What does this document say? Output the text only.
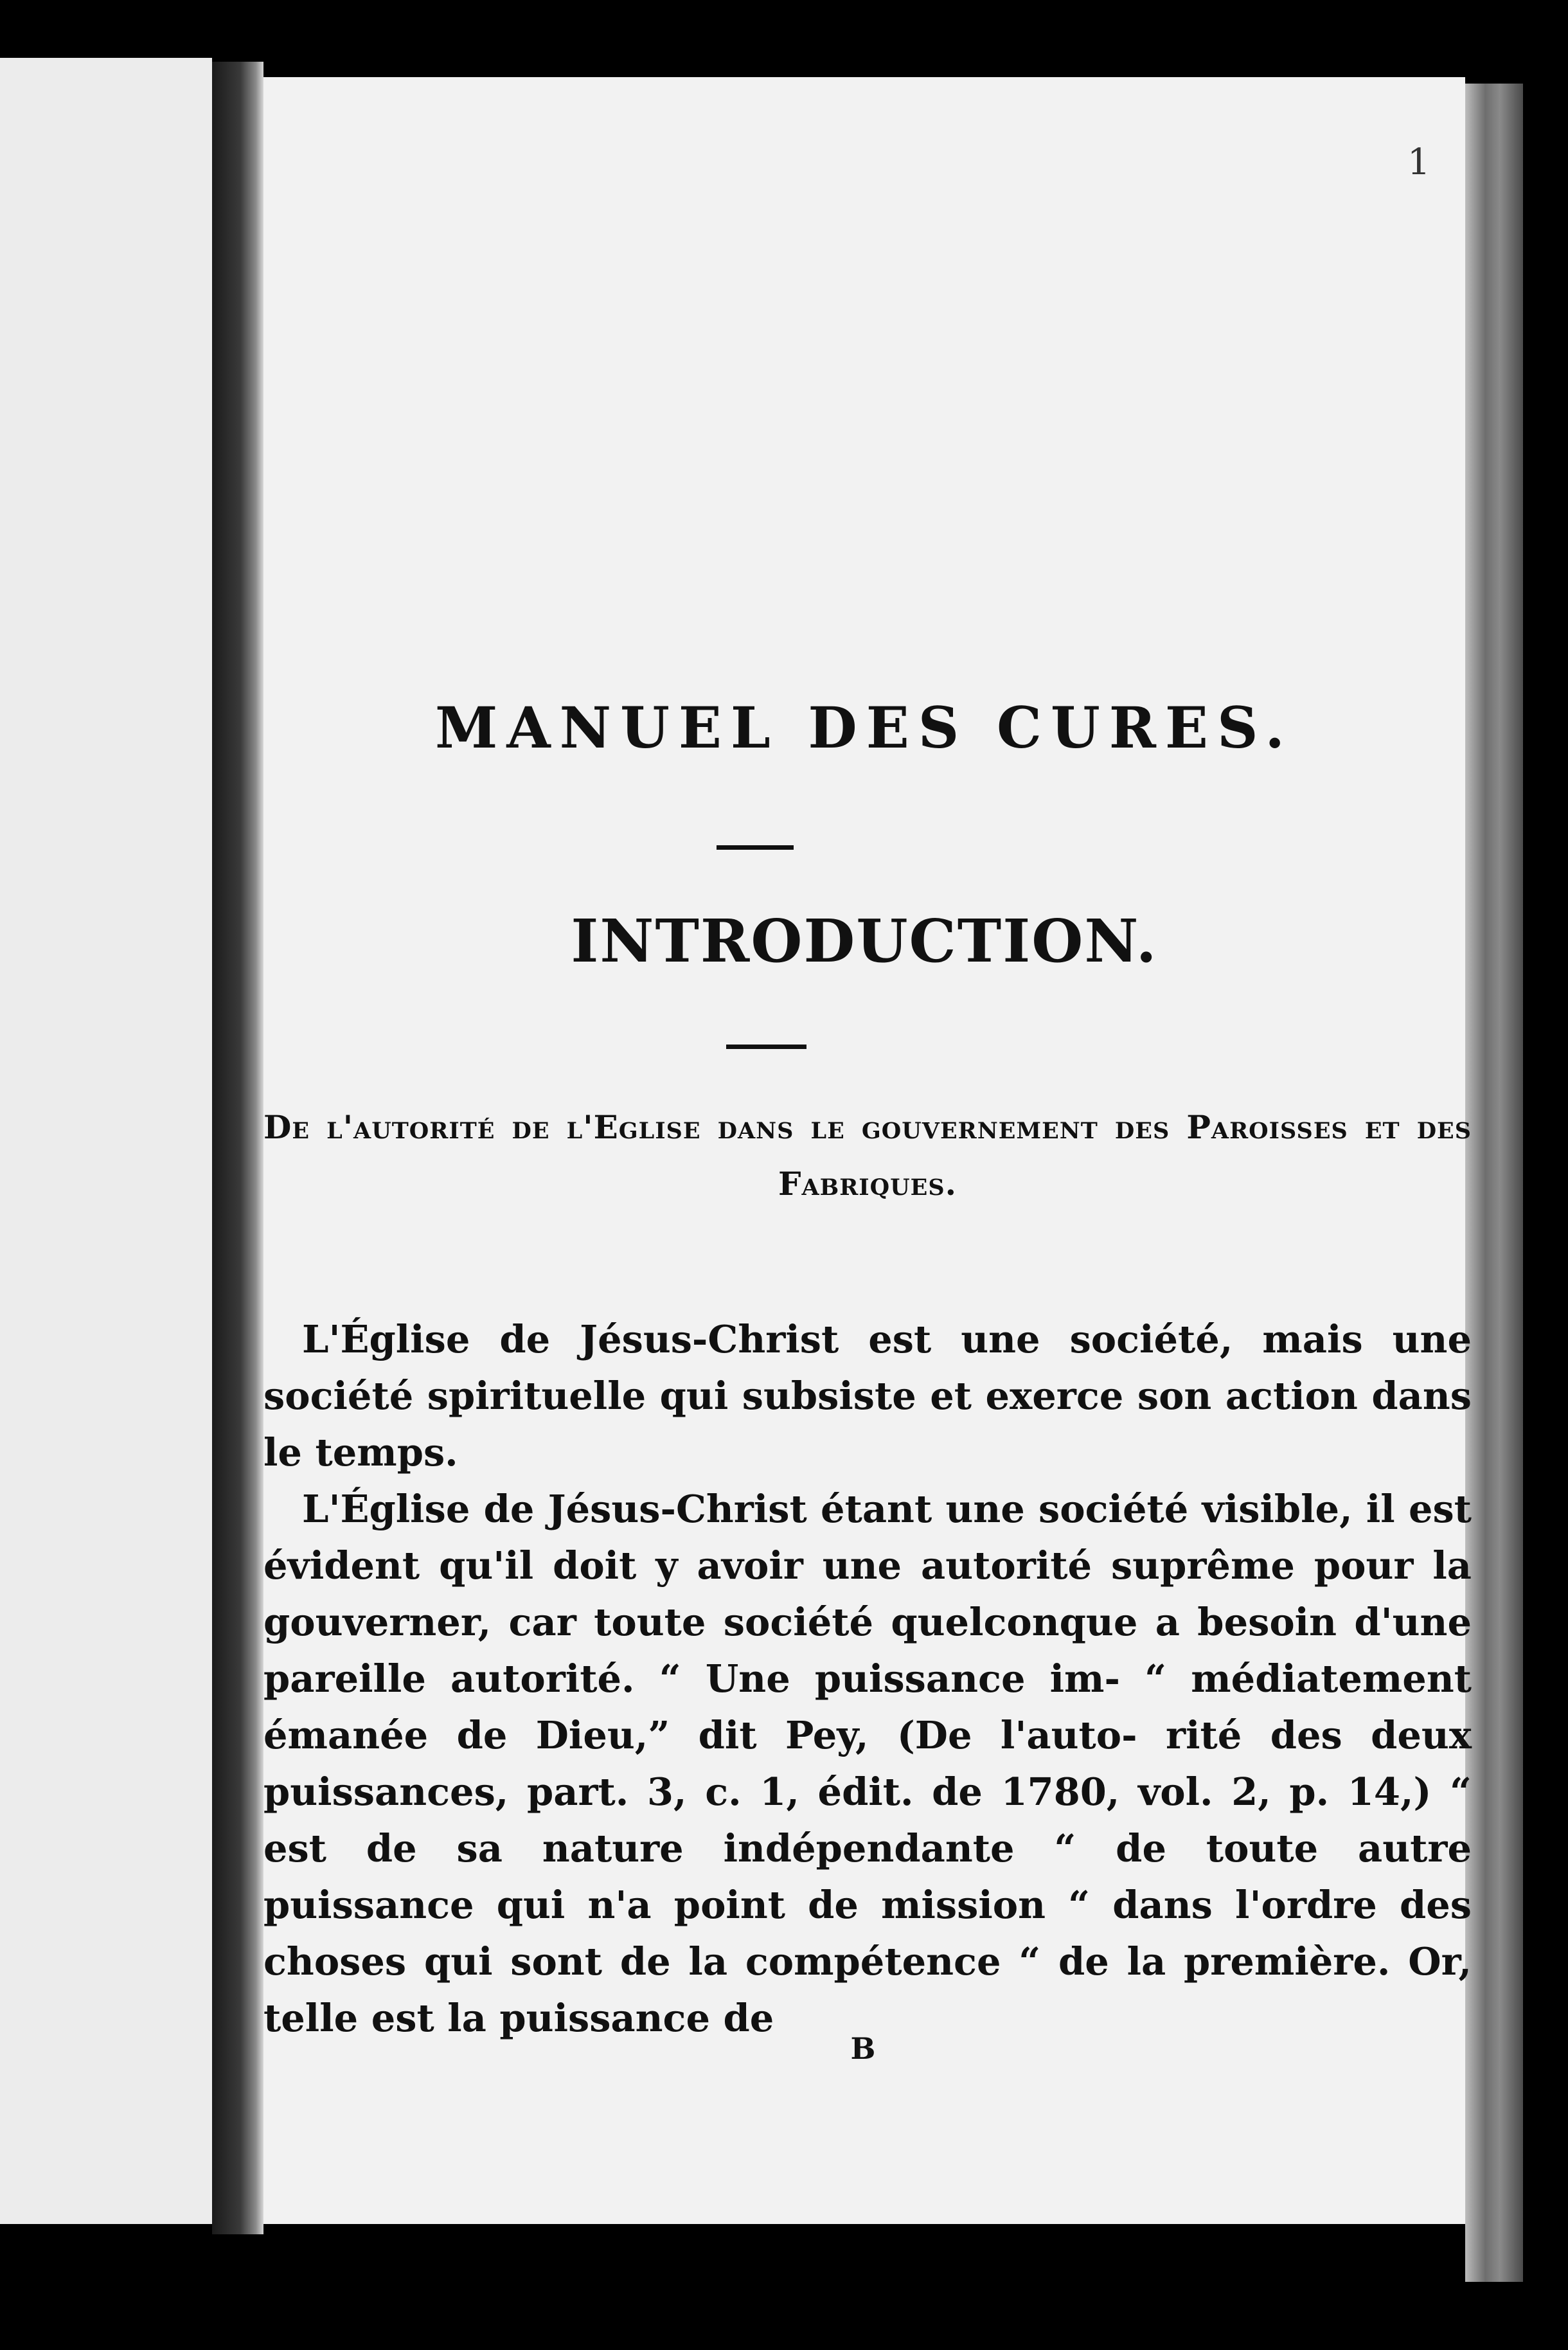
1
MANUEL DES CURES.
INTRODUCTION.
De l'autorité de l'Eglise dans le gouvernement des Paroisses et des Fabriques.

L'Église de Jésus-Christ est une société, mais une société spirituelle qui subsiste et exerce son action dans le temps.

L'Église de Jésus-Christ étant une société visible, il est évident qu'il doit y avoir une autorité suprême pour la gouverner, car toute société quelconque a besoin d'une pareille autorité. “ Une puissance im- “ médiatement émanée de Dieu,” dit Pey, (De l'auto- rité des deux puissances, part. 3, c. 1, édit. de 1780, vol. 2, p. 14,) “ est de sa nature indépendante “ de toute autre puissance qui n'a point de mission “ dans l'ordre des choses qui sont de la compétence “ de la première. Or, telle est la puissance de

B
